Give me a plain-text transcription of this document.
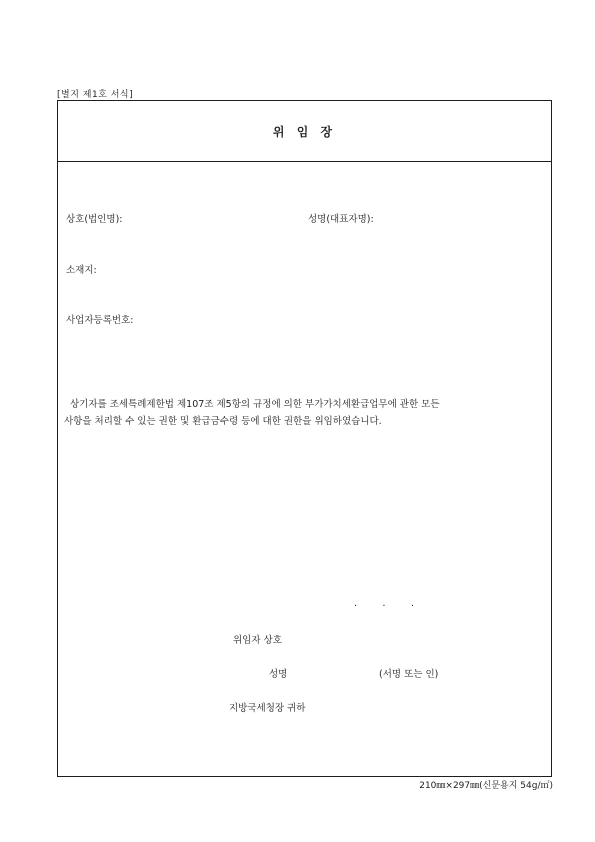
[별지 제1호 서식]
위 임 장
상호(법인명):	성명(대표자명):
소재지:
사업자등록번호:
상기자를 조세특례제한법 제107조 제5항의 규정에 의한 부가가치세환급업무에 관한 모든
사항을 처리할 수 있는 권한 및 환급금수령 등에 대한 권한을 위임하였습니다.
.	.	.
위임자 상호
성명	(서명 또는 인)
지방국세청장 귀하
210㎜×297㎜(신문용지 54g/㎡)
